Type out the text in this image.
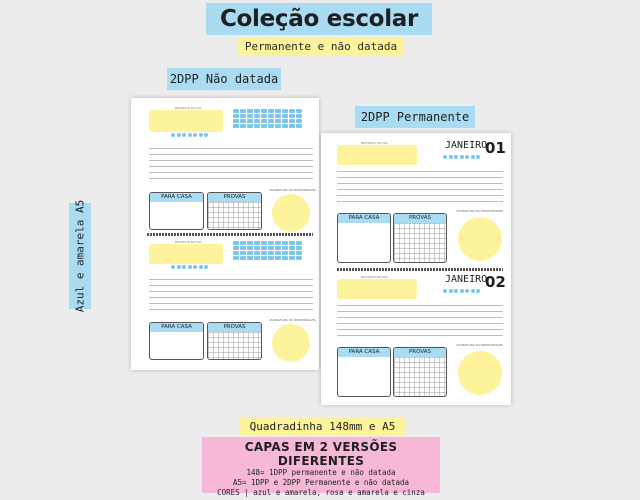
Coleção escolar
Permanente e não datada
2DPP Não datada
2DPP Permanente
Azul e amarela A5
RECADOS DO DIA
PARA CASA	PROVAS
ASSINATURA DO RESPONSÁVEL
RECADOS DO DIA
PARA CASA	PROVAS
ASSINATURA DO RESPONSÁVEL
RECADOS DO DIA	JANEIRO
01
PARA CASA	PROVAS
ASSINATURA DO RESPONSÁVEL
RECADOS DO DIA	JANEIRO
02
PARA CASA	PROVAS
ASSINATURA DO RESPONSÁVEL
Quadradinha 148mm e A5
CAPAS EM 2 VERSÕES DIFERENTES
148= 1DPP permanente e não datada
A5= 1DPP e 2DPP Permanente e não datada
CORES | azul e amarela, rosa e amarela e cinza
